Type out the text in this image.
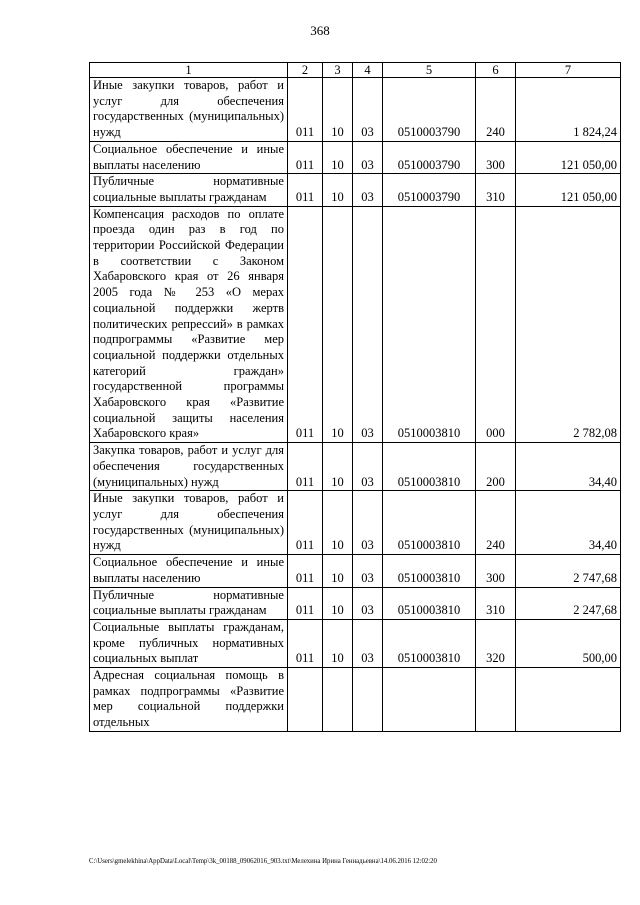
368
1	2	3	4	5	6	7
Иные закупки товаров, работ и услуг для обеспечения государственных (муниципальных) нужд	011	10	03	0510003790	240	1 824,24
Социальное обеспечение и иные выплаты населению	011	10	03	0510003790	300	121 050,00
Публичные нормативные социальные выплаты гражданам	011	10	03	0510003790	310	121 050,00
Компенсация расходов по оплате проезда один раз в год по территории Российской Федерации в соответствии с Законом Хабаровского края от 26 января 2005 года № 253 «О мерах социальной поддержки жертв политических репрессий» в рамках подпрограммы «Развитие мер социальной поддержки отдельных категорий граждан» государственной программы Хабаровского края «Развитие социальной защиты населения Хабаровского края»	011	10	03	0510003810	000	2 782,08
Закупка товаров, работ и услуг для обеспечения государственных (муниципальных) нужд	011	10	03	0510003810	200	34,40
Иные закупки товаров, работ и услуг для обеспечения государственных (муниципальных) нужд	011	10	03	0510003810	240	34,40
Социальное обеспечение и иные выплаты населению	011	10	03	0510003810	300	2 747,68
Публичные нормативные социальные выплаты гражданам	011	10	03	0510003810	310	2 247,68
Социальные выплаты гражданам, кроме публичных нормативных социальных выплат	011	10	03	0510003810	320	500,00
Адресная социальная помощь в рамках подпрограммы «Развитие мер социальной поддержки отдельных						
C:\Users\gmelekhina\AppData\Local\Temp\3k_00188_09062016_903.txt\Мелехина Ирина Геннадьевна\14.06.2016 12:02:20
